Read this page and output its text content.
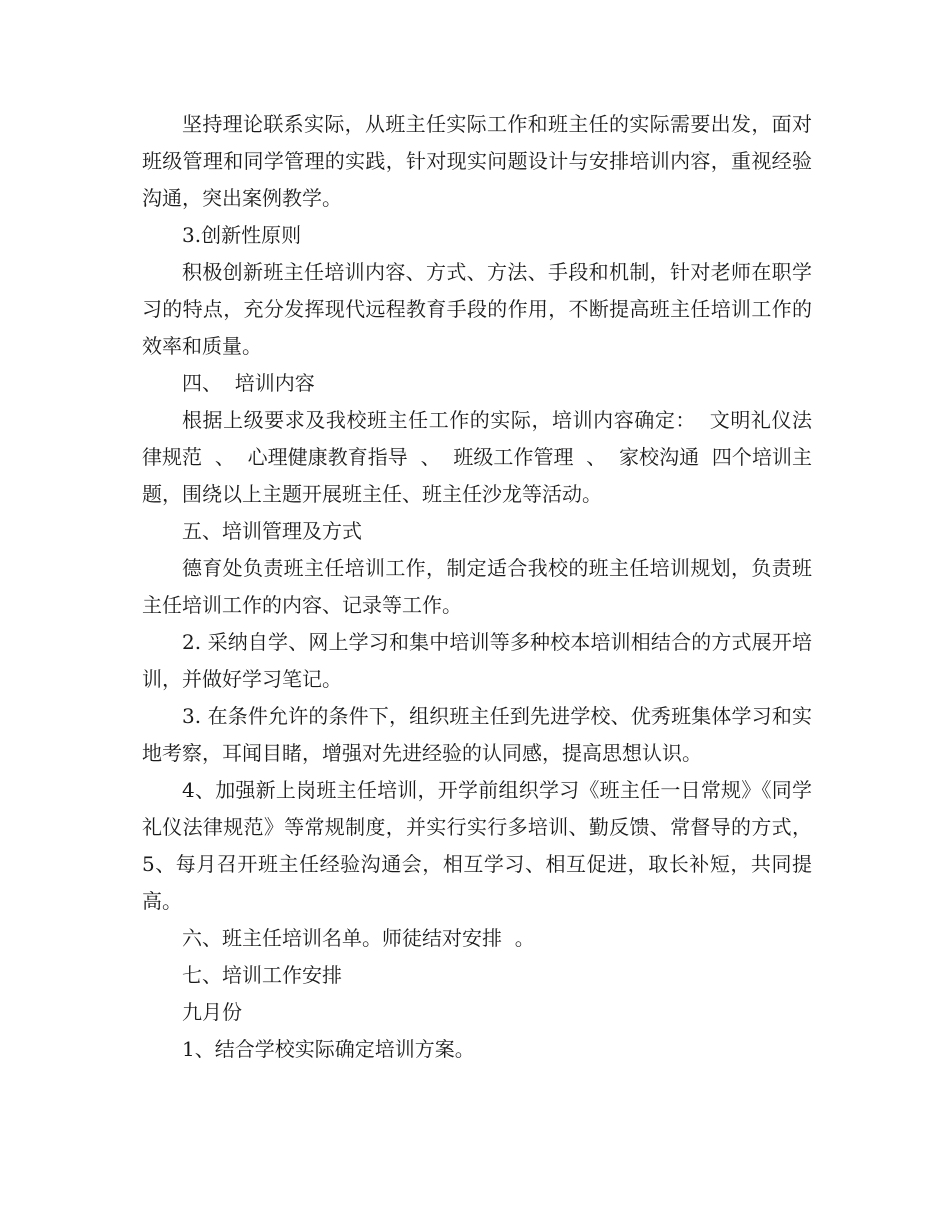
坚持理论联系实际，从班主任实际工作和班主任的实际需要出发，面对班级管理和同学管理的实践，针对现实问题设计与安排培训内容，重视经验沟通，突出案例教学。

3.创新性原则

积极创新班主任培训内容、方式、方法、手段和机制，针对老师在职学习的特点，充分发挥现代远程教育手段的作用，不断提高班主任培训工作的效率和质量。

四、  培训内容

根据上级要求及我校班主任工作的实际，培训内容确定：  文明礼仪法律规范  、  心理健康教育指导  、  班级工作管理  、  家校沟通  四个培训主题，围绕以上主题开展班主任、班主任沙龙等活动。

五、培训管理及方式

德育处负责班主任培训工作，制定适合我校的班主任培训规划，负责班主任培训工作的内容、记录等工作。

2. 采纳自学、网上学习和集中培训等多种校本培训相结合的方式展开培训，并做好学习笔记。

3. 在条件允许的条件下，组织班主任到先进学校、优秀班集体学习和实地考察，耳闻目睹，增强对先进经验的认同感，提高思想认识。

4、加强新上岗班主任培训，开学前组织学习《班主任一日常规》《同学礼仪法律规范》等常规制度，并实行实行多培训、勤反馈、常督导的方式，  5、每月召开班主任经验沟通会，相互学习、相互促进，取长补短，共同提高。

六、班主任培训名单。师徒结对安排  。

七、培训工作安排

九月份

1、结合学校实际确定培训方案。
